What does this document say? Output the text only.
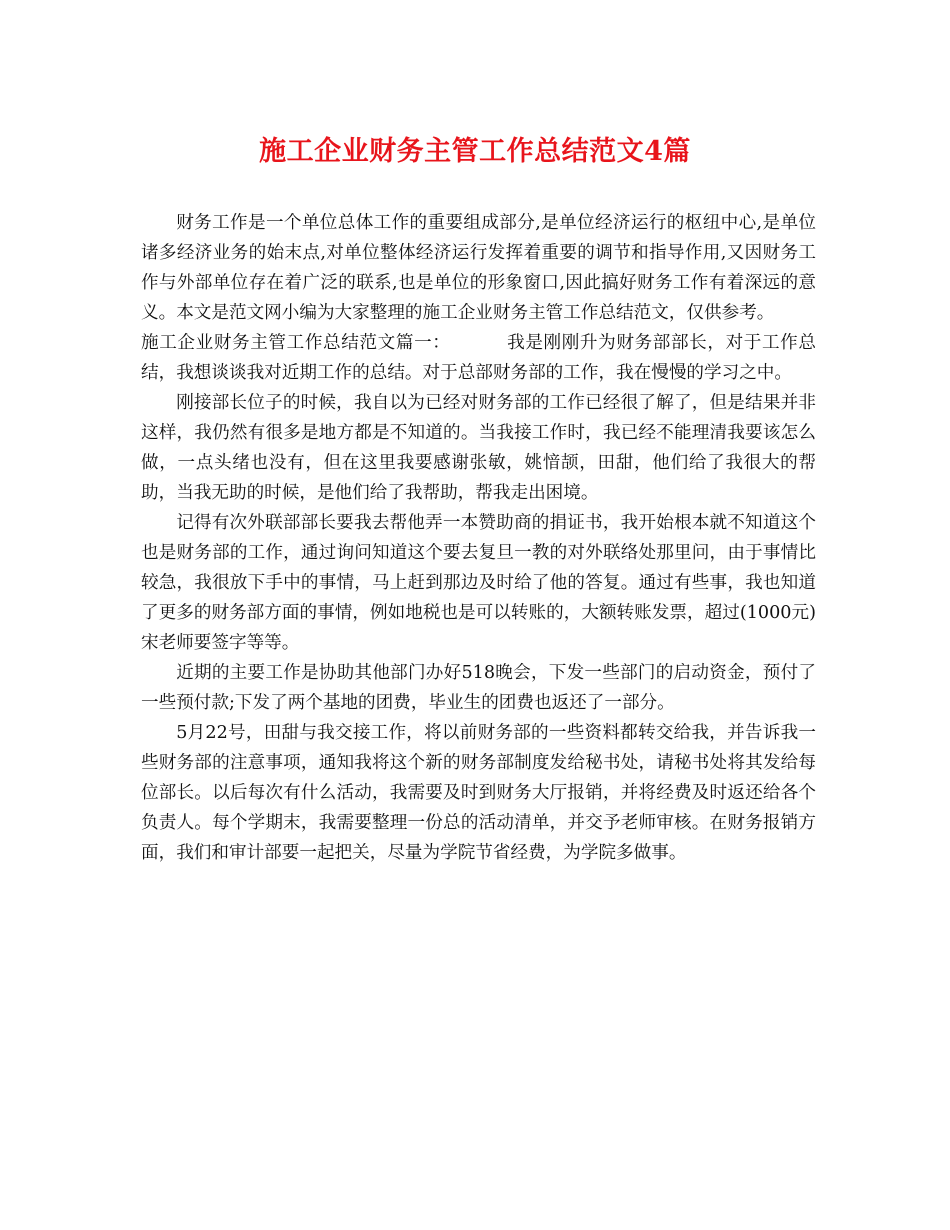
施工企业财务主管工作总结范文4篇

财务工作是一个单位总体工作的重要组成部分,是单位经济运行的枢纽中心,是单位诸多经济业务的始末点,对单位整体经济运行发挥着重要的调节和指导作用,又因财务工作与外部单位存在着广泛的联系,也是单位的形象窗口,因此搞好财务工作有着深远的意义。本文是范文网小编为大家整理的施工企业财务主管工作总结范文，仅供参考。

施工企业财务主管工作总结范文篇一：	我是刚刚升为财务部部长，对于工作总结，我想谈谈我对近期工作的总结。对于总部财务部的工作，我在慢慢的学习之中。

刚接部长位子的时候，我自以为已经对财务部的工作已经很了解了，但是结果并非这样，我仍然有很多是地方都是不知道的。当我接工作时，我已经不能理清我要该怎么做，一点头绪也没有，但在这里我要感谢张敏，姚愔颉，田甜，他们给了我很大的帮助，当我无助的时候，是他们给了我帮助，帮我走出困境。

记得有次外联部部长要我去帮他弄一本赞助商的捐证书，我开始根本就不知道这个也是财务部的工作，通过询问知道这个要去复旦一教的对外联络处那里问，由于事情比较急，我很放下手中的事情，马上赶到那边及时给了他的答复。通过有些事，我也知道了更多的财务部方面的事情，例如地税也是可以转账的，大额转账发票，超过(1000元)宋老师要签字等等。

近期的主要工作是协助其他部门办好518晚会，下发一些部门的启动资金，预付了一些预付款;下发了两个基地的团费，毕业生的团费也返还了一部分。

5月22号，田甜与我交接工作，将以前财务部的一些资料都转交给我，并告诉我一些财务部的注意事项，通知我将这个新的财务部制度发给秘书处，请秘书处将其发给每位部长。以后每次有什么活动，我需要及时到财务大厅报销，并将经费及时返还给各个负责人。每个学期末，我需要整理一份总的活动清单，并交予老师审核。在财务报销方面，我们和审计部要一起把关，尽量为学院节省经费，为学院多做事。
